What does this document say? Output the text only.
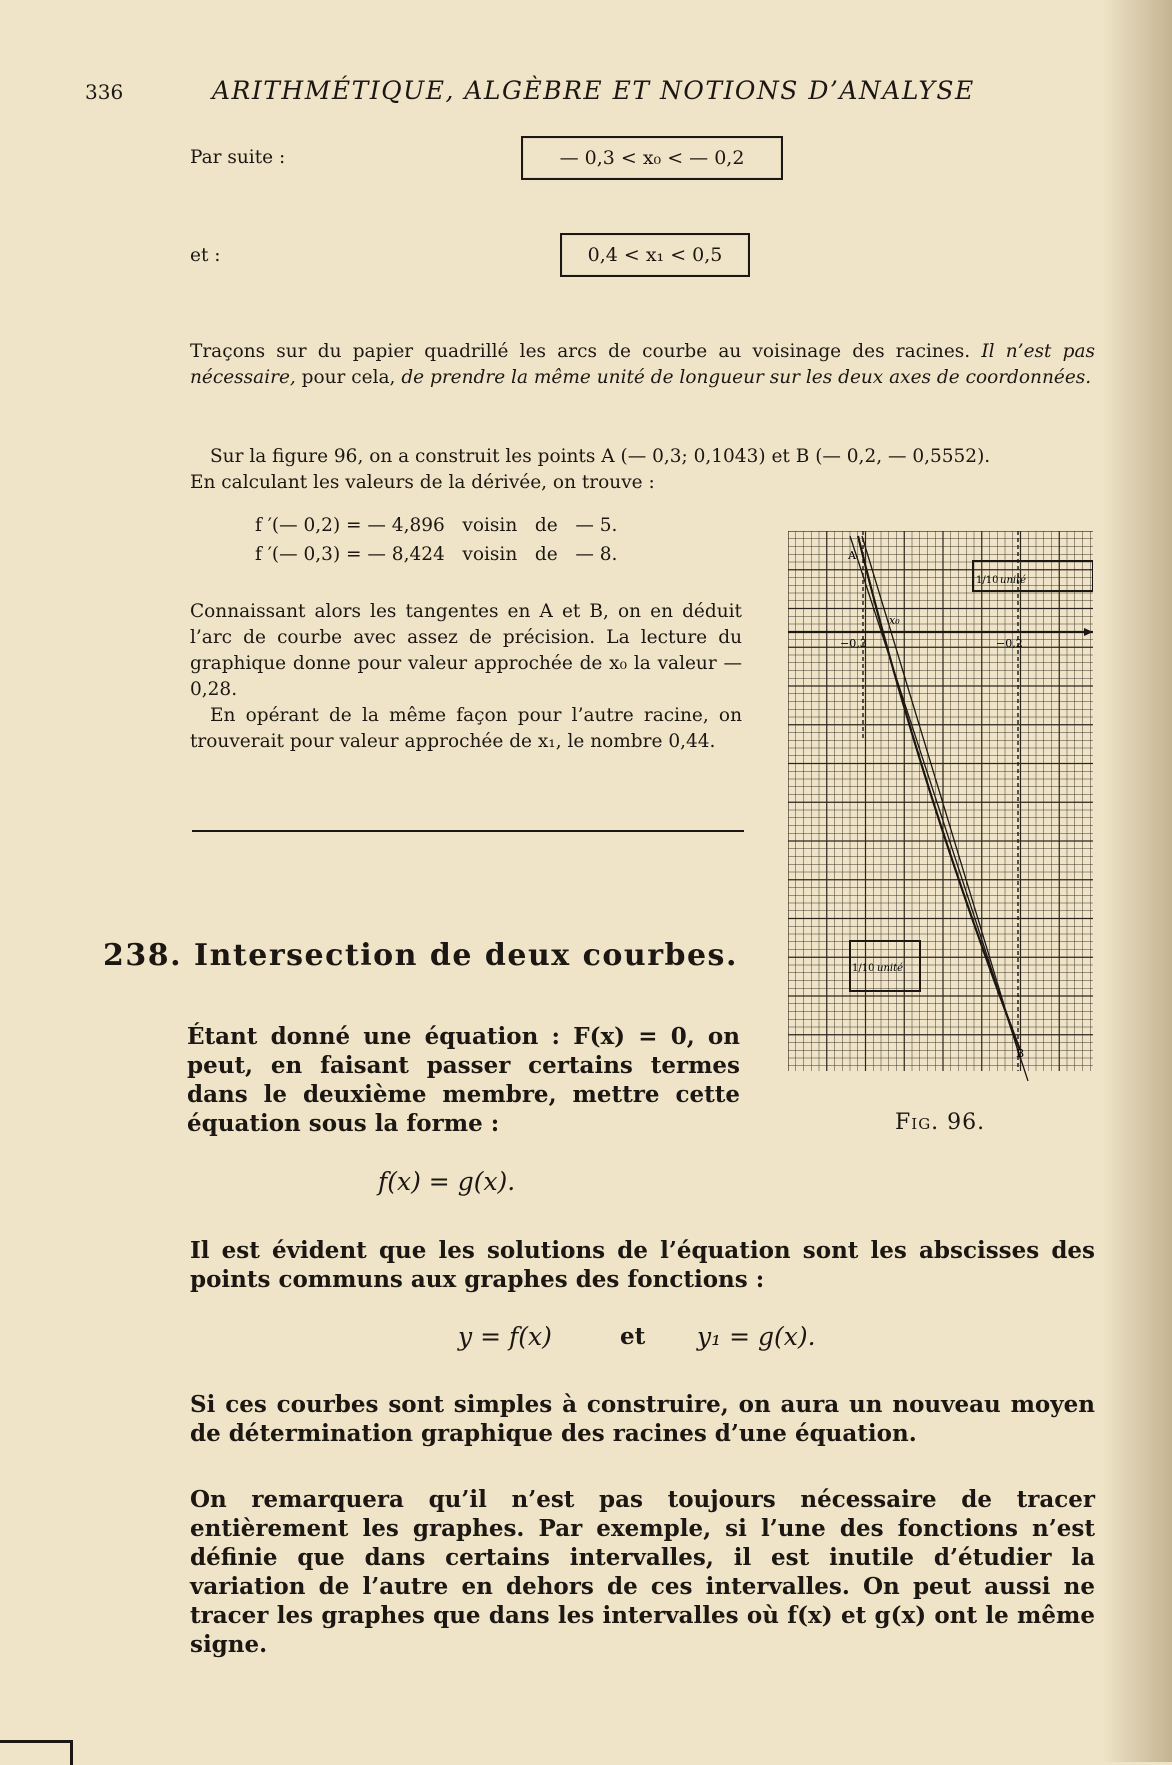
336	ARITHMÉTIQUE, ALGÈBRE ET NOTIONS D’ANALYSE
Par suite :	— 0,3 < x₀ < — 0,2
et :	0,4 < x₁ < 0,5
Traçons sur du papier quadrillé les arcs de courbe au voisinage des racines. Il n’est pas nécessaire, pour cela, de prendre la même unité de longueur sur les deux axes de coordonnées.
Sur la figure 96, on a construit les points A (— 0,3; 0,1043) et B (— 0,2, — 0,5552).
En calculant les valeurs de la dérivée, on trouve :
f ′(— 0,2) = — 4,896   voisin   de   — 5.
f ′(— 0,3) = — 8,424   voisin   de   — 8.
Connaissant alors les tangentes en A et B, on en déduit l’arc de courbe avec assez de précision. La lecture du graphique donne pour valeur approchée de x₀ la valeur — 0,28.
En opérant de la même façon pour l’autre racine, on trouverait pour valeur approchée de x₁, le nombre 0,44.
238. Intersection de deux courbes.
Étant donné une équation : F(x) = 0, on peut, en faisant passer certains termes dans le deuxième membre, mettre cette équation sous la forme :
f(x) = g(x).
Il est évident que les solutions de l’équation sont les abscisses des points communs aux graphes des fonctions :
y = f(x)	et y₁ = g(x).
Si ces courbes sont simples à construire, on aura un nouveau moyen de détermination graphique des racines d’une équation.
On remarquera qu’il n’est pas toujours nécessaire de tracer entièrement les graphes. Par exemple, si l’une des fonctions n’est définie que dans certains intervalles, il est inutile d’étudier la variation de l’autre en dehors de ces intervalles. On peut aussi ne tracer les graphes que dans les intervalles où f(x) et g(x) ont le même signe.
A
B
x₀
−0,3	−0,2
1/10 unité
1/10 unité
Fig. 96.
